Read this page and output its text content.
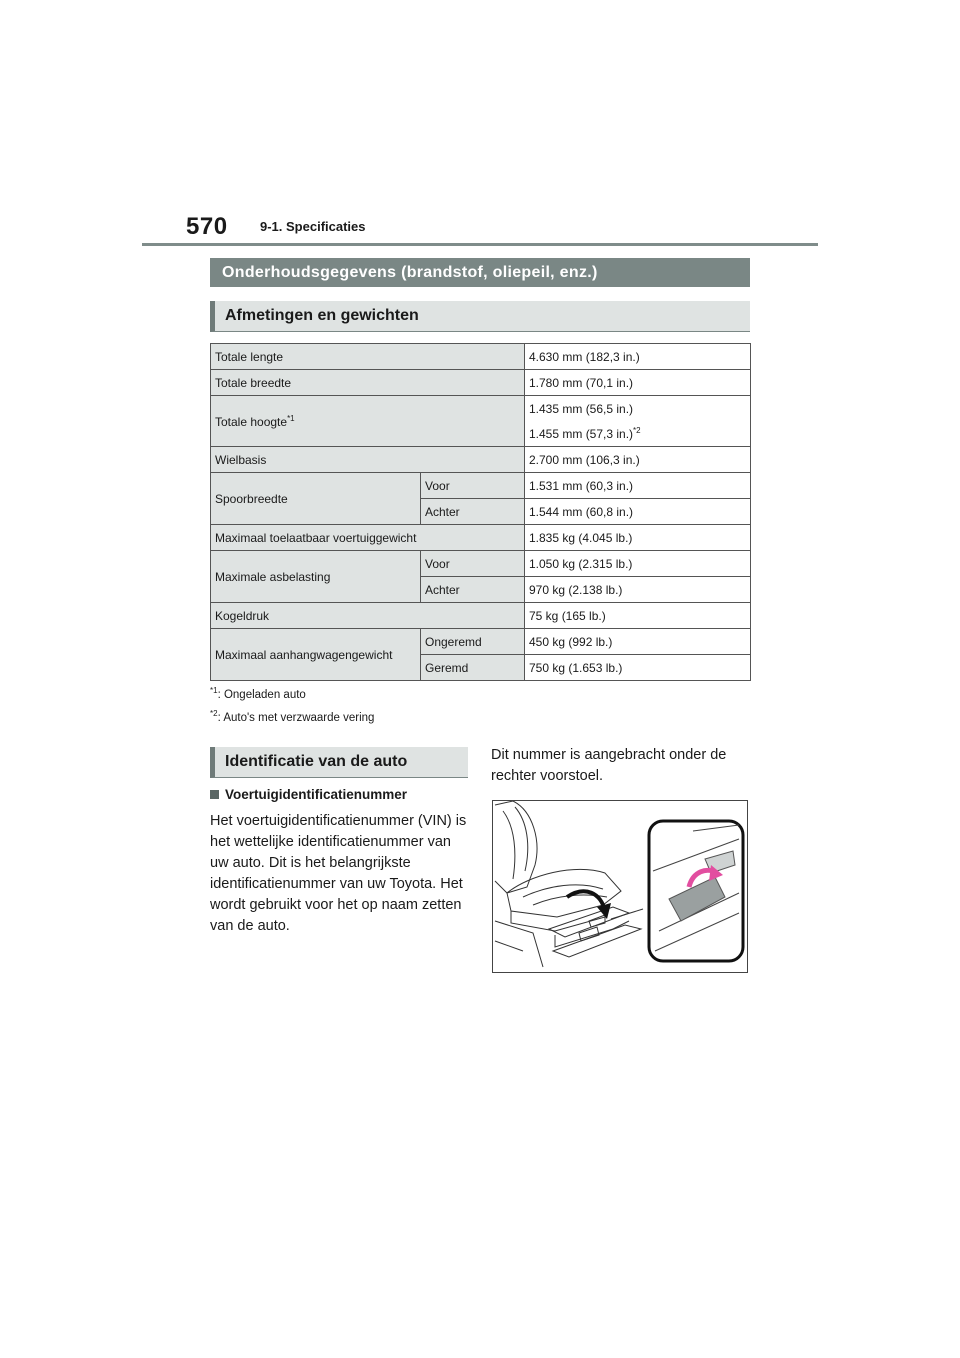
570 9-1. Specificaties
Onderhoudsgegevens (brandstof, oliepeil, enz.)
Afmetingen en gewichten
Totale lengte		4.630 mm (182,3 in.)
Totale breedte		1.780 mm (70,1 in.)
Totale hoogte$^{*1}$		1.435 mm (56,5 in.)
1.455 mm (57,3 in.)$^{*2}$

Wielbasis		2.700 mm (106,3 in.)
Spoorbreedte	Voor	1.531 mm (60,3 in.)
	Achter	1.544 mm (60,8 in.)
Maximaal toelaatbaar voertuiggewicht		1.835 kg (4.045 lb.)
Maximale asbelasting	Voor	1.050 kg (2.315 lb.)
	Achter	970 kg (2.138 lb.)
Kogeldruk		75 kg (165 lb.)
Maximaal aanhangwagengewicht	Ongeremd	450 kg (992 lb.)
	Geremd	750 kg (1.653 lb.)
$^{*1}$: Ongeladen auto
$^{*2}$: Auto's met verzwaarde vering
Identificatie van de auto
Voertuigidentificatienummer
Het voertuigidentificatienummer (VIN) is het wettelijke identificatienummer van uw auto. Dit is het belangrijkste identificatienummer van uw Toyota. Het wordt gebruikt voor het op naam zetten van de auto.
Dit nummer is aangebracht onder de rechter voorstoel.
